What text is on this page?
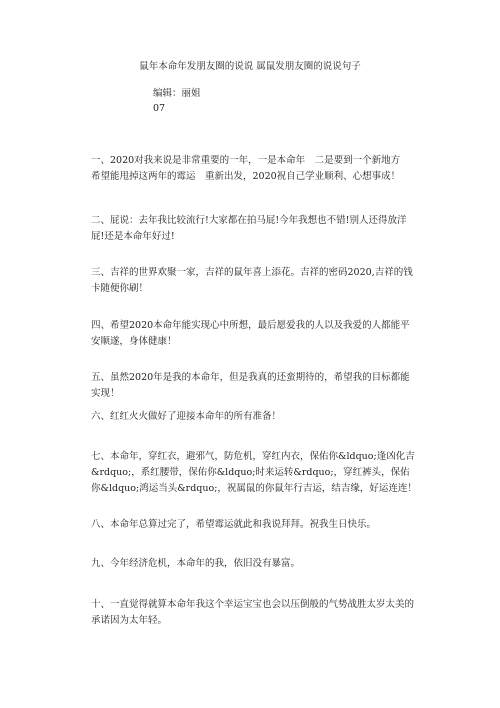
鼠年本命年发朋友圈的说说 属鼠发朋友圈的说说句子
编辑：丽姐
07

一、2020对我来说是非常重要的一年，一是本命年　二是要到一个新地方　希望能甩掉这两年的霉运　重新出发，2020祝自己学业顺利、心想事成！

二、屁说：去年我比较流行!大家都在拍马屁!今年我想也不错!别人还得放洋屁!还是本命年好过!

三、吉祥的世界欢聚一家，吉祥的鼠年喜上添花。吉祥的密码2020,吉祥的钱卡随便你刷！

四、希望2020本命年能实现心中所想，最后愿爱我的人以及我爱的人都能平安顺遂，身体健康！

五、虽然2020年是我的本命年，但是我真的还蛮期待的，希望我的目标都能实现！

六、红红火火做好了迎接本命年的所有准备！

七、本命年，穿红衣，避邪气，防危机，穿红内衣，保佑你&ldquo;逢凶化吉&rdquo;，系红腰带，保佑你&ldquo;时来运转&rdquo;，穿红裤头，保佑你&ldquo;鸿运当头&rdquo;，祝属鼠的你鼠年行吉运，结吉缘，好运连连！

八、本命年总算过完了，希望霉运就此和我说拜拜。祝我生日快乐。

九、今年经济危机，本命年的我，依旧没有暴富。

十、一直觉得就算本命年我这个幸运宝宝也会以压倒般的气势战胜太岁太美的承诺因为太年轻。
